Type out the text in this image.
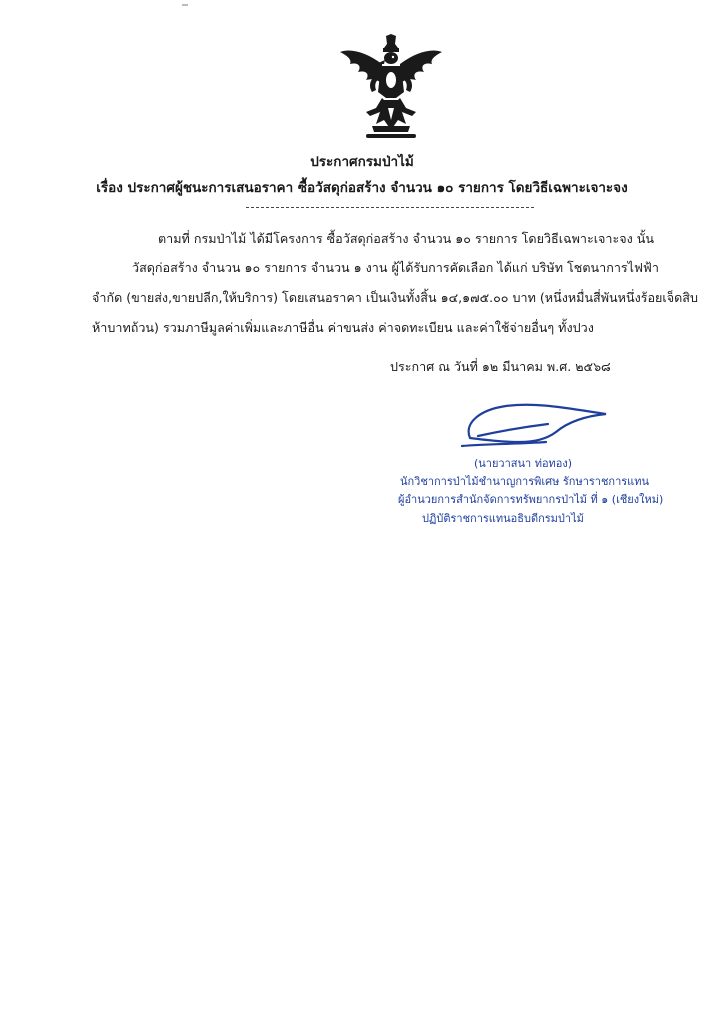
ประกาศกรมป่าไม้
เรื่อง ประกาศผู้ชนะการเสนอราคา ซื้อวัสดุก่อสร้าง จำนวน ๑๐ รายการ โดยวิธีเฉพาะเจาะจง
ตามที่ กรมป่าไม้ ได้มีโครงการ ซื้อวัสดุก่อสร้าง จำนวน ๑๐ รายการ โดยวิธีเฉพาะเจาะจง นั้น
วัสดุก่อสร้าง จำนวน ๑๐ รายการ จำนวน ๑ งาน ผู้ได้รับการคัดเลือก ได้แก่ บริษัท โชตนาการไฟฟ้า
จำกัด (ขายส่ง,ขายปลีก,ให้บริการ) โดยเสนอราคา เป็นเงินทั้งสิ้น ๑๔,๑๗๕.๐๐ บาท (หนึ่งหมื่นสี่พันหนึ่งร้อยเจ็ดสิบ
ห้าบาทถ้วน) รวมภาษีมูลค่าเพิ่มและภาษีอื่น ค่าขนส่ง ค่าจดทะเบียน และค่าใช้จ่ายอื่นๆ ทั้งปวง
ประกาศ ณ วันที่ ๑๒ มีนาคม พ.ศ. ๒๕๖๘
(นายวาสนา ท่อทอง)
นักวิชาการป่าไม้ชำนาญการพิเศษ รักษาราชการแทน
ผู้อำนวยการสำนักจัดการทรัพยากรป่าไม้ ที่ ๑ (เชียงใหม่)
ปฏิบัติราชการแทนอธิบดีกรมป่าไม้
